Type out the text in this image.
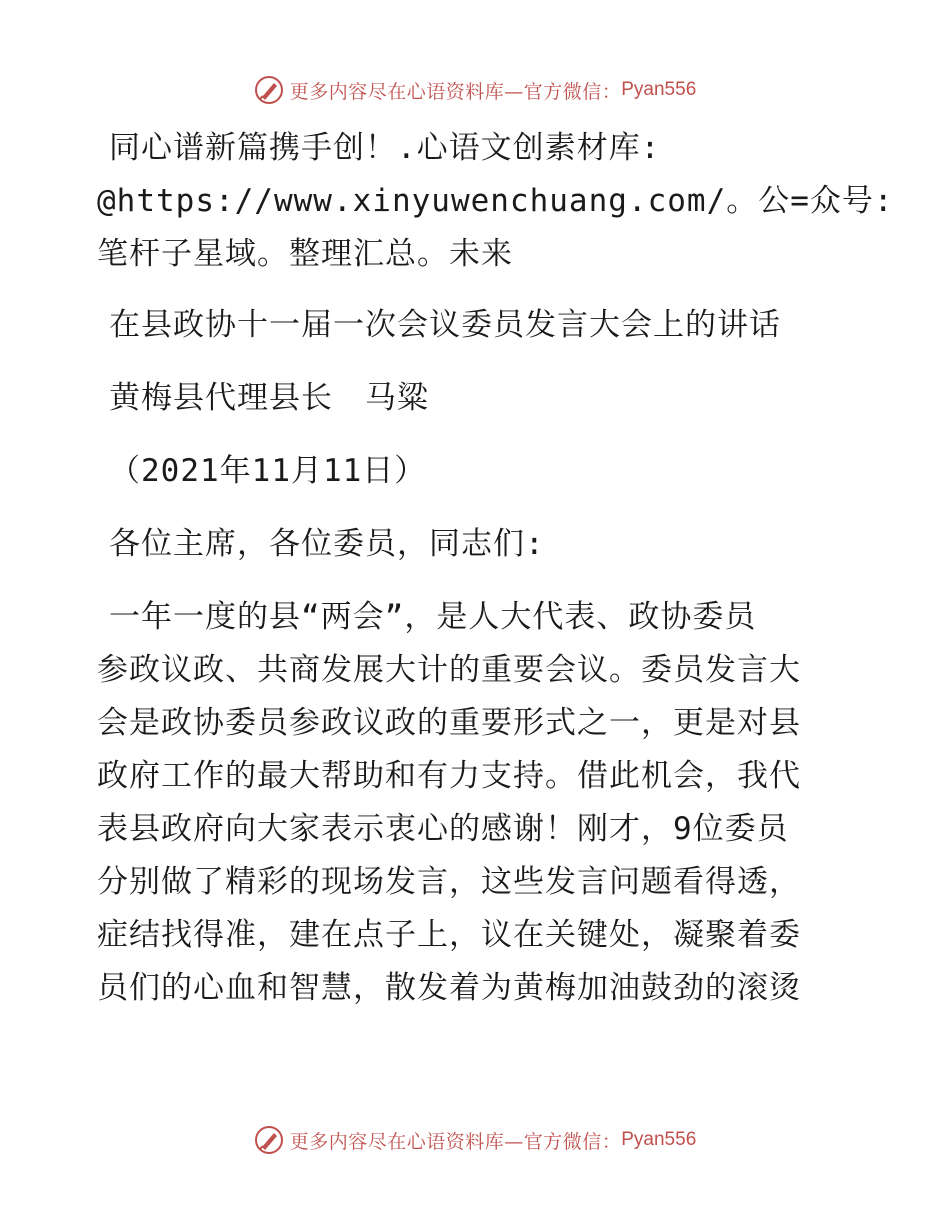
更多内容尽在心语资料库—官方微信： Pyan556
同心谱新篇携手创！.心语文创素材库:
@https://www.xinyuwenchuang.com/。公=众号:
笔杆子星域。整理汇总。未来
在县政协十一届一次会议委员发言大会上的讲话
黄梅县代理县长　马粱
（2021年11月11日）
各位主席，各位委员，同志们:
一年一度的县“两会”，是人大代表、政协委员
参政议政、共商发展大计的重要会议。委员发言大
会是政协委员参政议政的重要形式之一，更是对县
政府工作的最大帮助和有力支持。借此机会，我代
表县政府向大家表示衷心的感谢！刚才，9位委员
分别做了精彩的现场发言，这些发言问题看得透，
症结找得准，建在点子上，议在关键处，凝聚着委
员们的心血和智慧，散发着为黄梅加油鼓劲的滚烫
更多内容尽在心语资料库—官方微信： Pyan556
